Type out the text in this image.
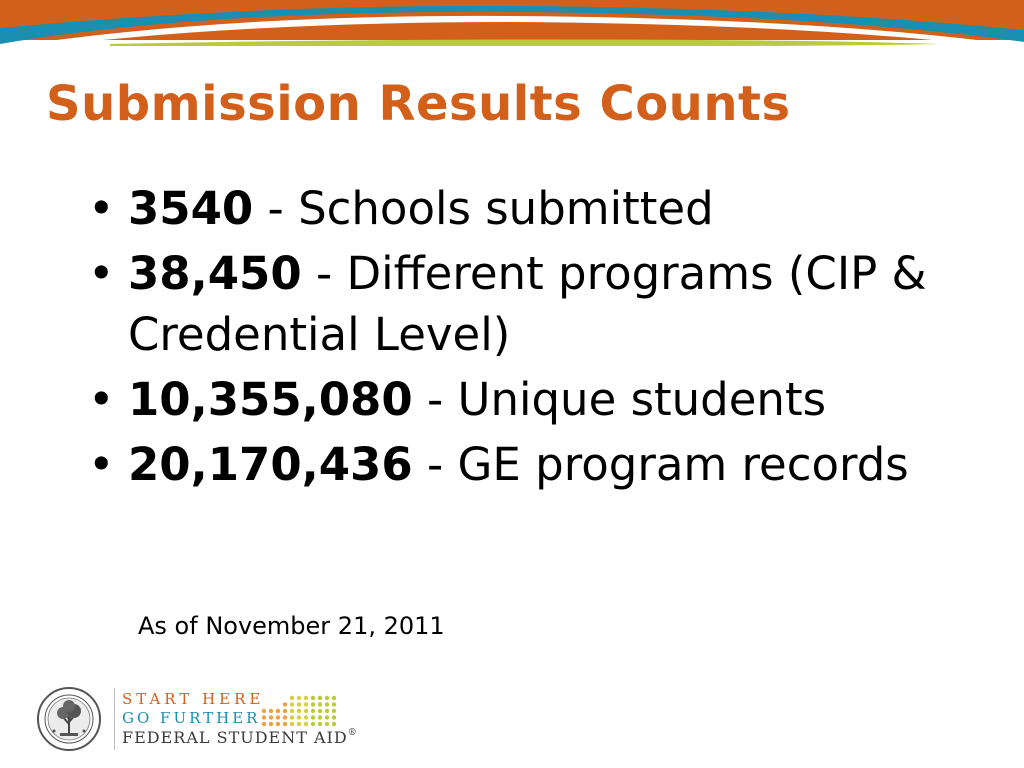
Submission Results Counts
• 3540 - Schools submitted
• 38,450 - Different programs (CIP & Credential Level)
• 10,355,080 - Unique students
• 20,170,436 - GE program records
As of November 21, 2011
START HERE
GO FURTHER
FEDERAL STUDENT AID®
